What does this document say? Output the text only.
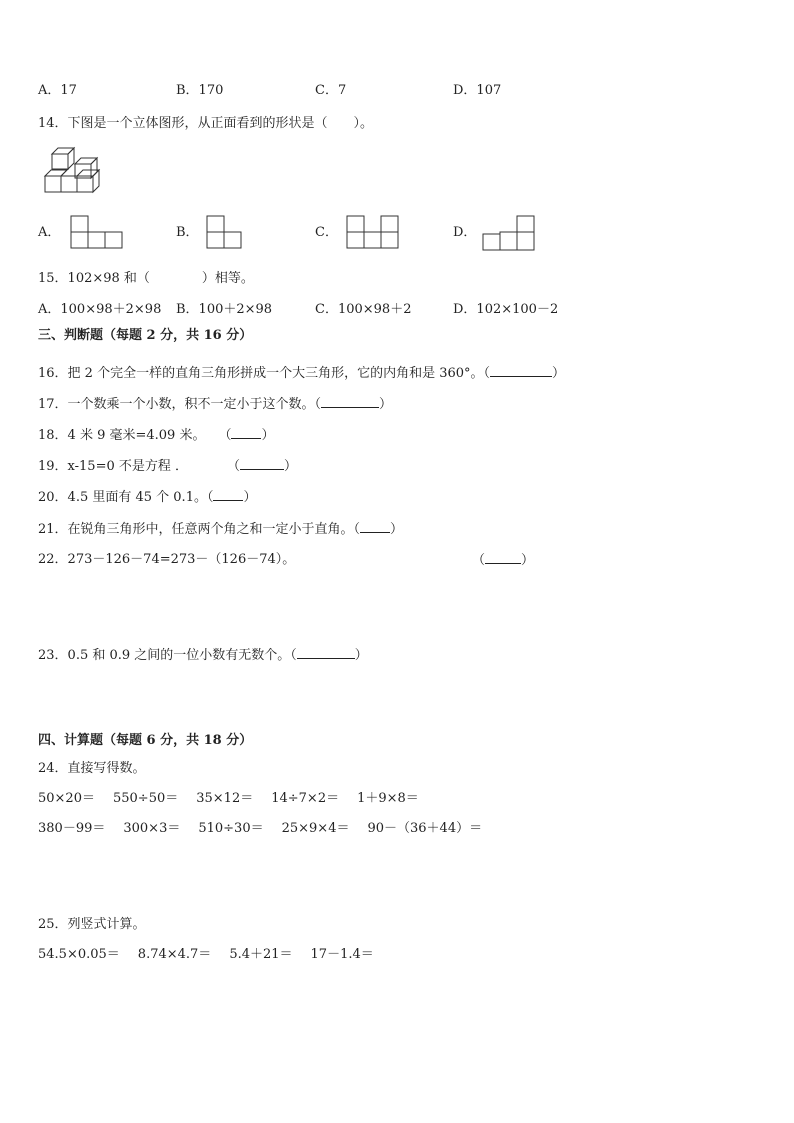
A．17	B．170	C．7	D．107
14．下图是一个立体图形，从正面看到的形状是（　　）。
A．	B．	C．	D．
15．102×98 和（　　　　）相等。
A．100×98＋2×98 B．100＋2×98	C．100×98＋2	D．102×100－2
三、判断题（每题 2 分，共 16 分）
16．把 2 个完全一样的直角三角形拼成一个大三角形，它的内角和是 360°。（	）
17．一个数乘一个小数，积不一定小于这个数。（	）
18．4 米 9 毫米=4.09 米。　　（ ）
19．x-15=0 不是方程 ．　　　　（	）
20．4.5 里面有 45 个 0.1。（ ）
21．在锐角三角形中，任意两个角之和一定小于直角。（ ）
22．273－126－74=273－（126－74）。	（	）
23．0.5 和 0.9 之间的一位小数有无数个。（	）
四、计算题（每题 6 分，共 18 分）
24．直接写得数。
50×20＝ 550÷50＝ 35×12＝ 14÷7×2＝ 1＋9×8＝
380－99＝ 300×3＝ 510÷30＝ 25×9×4＝ 90－（36＋44）＝
25．列竖式计算。
54.5×0.05＝ 8.74×4.7＝ 5.4＋21＝ 17－1.4＝
